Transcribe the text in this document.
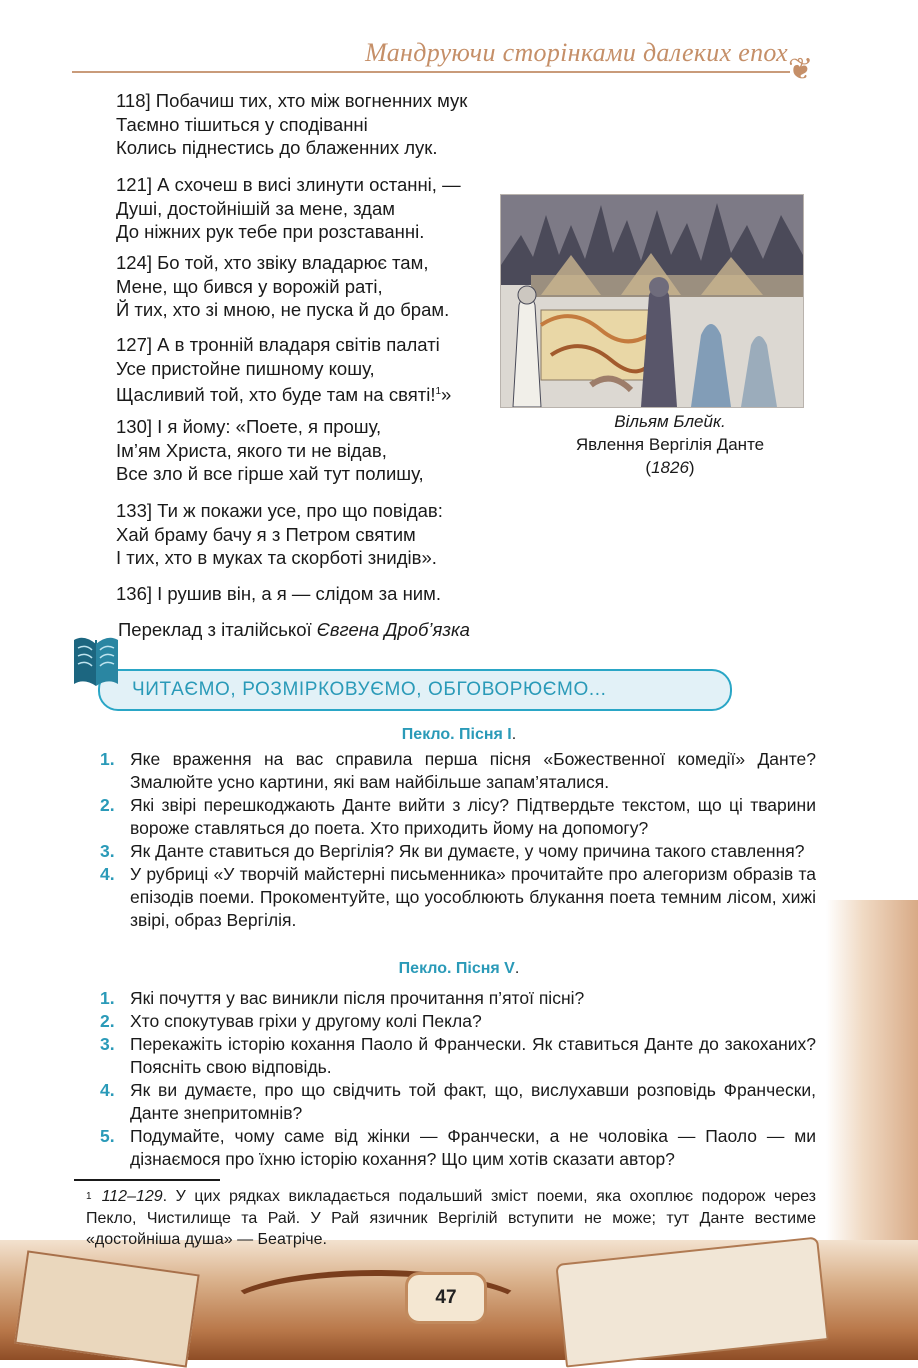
Мандруючи сторінками далеких епох ❦
118] Побачиш тих, хто між вогненних мук
Таємно тішиться у сподіванні
Колись піднестись до блаженних лук.
121] А схочеш в висі злинути останні, —
Душі, достойнішій за мене, здам
До ніжних рук тебе при розставанні.
124] Бо той, хто звіку владарює там,
Мене, що бився у ворожій раті,
Й тих, хто зі мною, не пуска й до брам.
127] А в тронній владаря світів палаті
Усе пристойне пишному кошу,
Щасливий той, хто буде там на святі!$^1$»
130] І я йому: «Поете, я прошу,
Ім’ям Христа, якого ти не відав,
Все зло й все гірше хай тут полишу,
133] Ти ж покажи усе, про що повідав:
Хай браму бачу я з Петром святим
І тих, хто в муках та скорботі знидів».
136] І рушив він, а я — слідом за ним.
Переклад з італійської Євгена Дроб’язка
Вільям Блейк.
Явлення Вергілія Данте
(1826)
ЧИТАЄМО, РОЗМІРКОВУЄМО, ОБГОВОРЮЄМО...
Пекло. Пісня І.
1. Яке враження на вас справила перша пісня «Божественної комедії» Данте? Змалюйте усно картини, які вам найбільше запам’яталися.
2. Які звірі перешкоджають Данте вийти з лісу? Підтвердьте текстом, що ці тварини вороже ставляться до поета. Хто приходить йому на допомогу?
3. Як Данте ставиться до Вергілія? Як ви думаєте, у чому причина такого ставлення?
4. У рубриці «У творчій майстерні письменника» прочитайте про алегоризм образів та епізодів поеми. Прокоментуйте, що уособлюють блукання поета темним лісом, хижі звірі, образ Вергілія.
Пекло. Пісня V.
1. Які почуття у вас виникли після прочитання п’ятої пісні?
2. Хто спокутував гріхи у другому колі Пекла?
3. Перекажіть історію кохання Паоло й Франчески. Як ставиться Данте до закоханих? Поясніть свою відповідь.
4. Як ви думаєте, про що свідчить той факт, що, вислухавши розповідь Франчески, Данте знепритомнів?
5. Подумайте, чому саме від жінки — Франчески, а не чоловіка — Паоло — ми дізнаємося про їхню історію кохання? Що цим хотів сказати автор?
$^1$ 112–129. У цих рядках викладається подальший зміст поеми, яка охоплює подорож через Пекло, Чистилище та Рай. У Рай язичник Вергілій вступити не може; тут Данте вестиме «достойніша душа» — Беатріче.
47
